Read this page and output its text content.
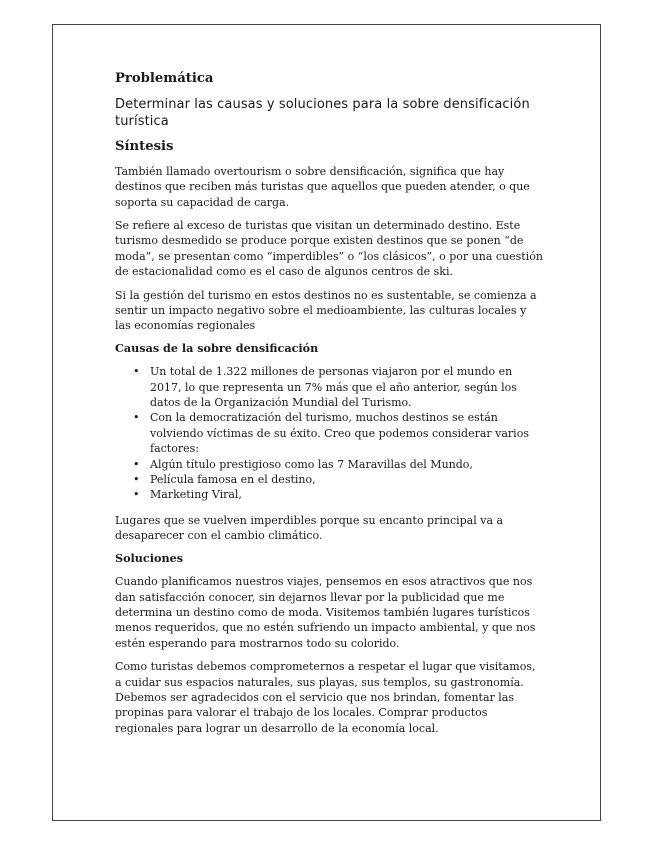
Problemática
Determinar las causas y soluciones para la sobre densificación turística
Síntesis

También llamado overtourism o sobre densificación, significa que hay destinos que reciben más turistas que aquellos que pueden atender, o que soporta su capacidad de carga.

Se refiere al exceso de turistas que visitan un determinado destino. Este turismo desmedido se produce porque existen destinos que se ponen “de moda”, se presentan como “imperdibles” o “los clásicos”, o por una cuestión de estacionalidad como es el caso de algunos centros de ski.

Si la gestión del turismo en estos destinos no es sustentable, se comienza a sentir un impacto negativo sobre el medioambiente, las culturas locales y las economías regionales

Causas de la sobre densificación
• Un total de 1.322 millones de personas viajaron por el mundo en 2017, lo que representa un 7% más que el año anterior, según los datos de la Organización Mundial del Turismo.
• Con la democratización del turismo, muchos destinos se están volviendo víctimas de su éxito. Creo que podemos considerar varios factores:
• Algún título prestigioso como las 7 Maravillas del Mundo,
• Película famosa en el destino,
• Marketing Viral,

Lugares que se vuelven imperdibles porque su encanto principal va a desaparecer con el cambio climático.

Soluciones

Cuando planificamos nuestros viajes, pensemos en esos atractivos que nos dan satisfacción conocer, sin dejarnos llevar por la publicidad que me determina un destino como de moda. Visitemos también lugares turísticos menos requeridos, que no estén sufriendo un impacto ambiental, y que nos estén esperando para mostrarnos todo su colorido.

Como turistas debemos comprometernos a respetar el lugar que visitamos, a cuidar sus espacios naturales, sus playas, sus templos, su gastronomía. Debemos ser agradecidos con el servicio que nos brindan, fomentar las propinas para valorar el trabajo de los locales. Comprar productos regionales para lograr un desarrollo de la economía local.
